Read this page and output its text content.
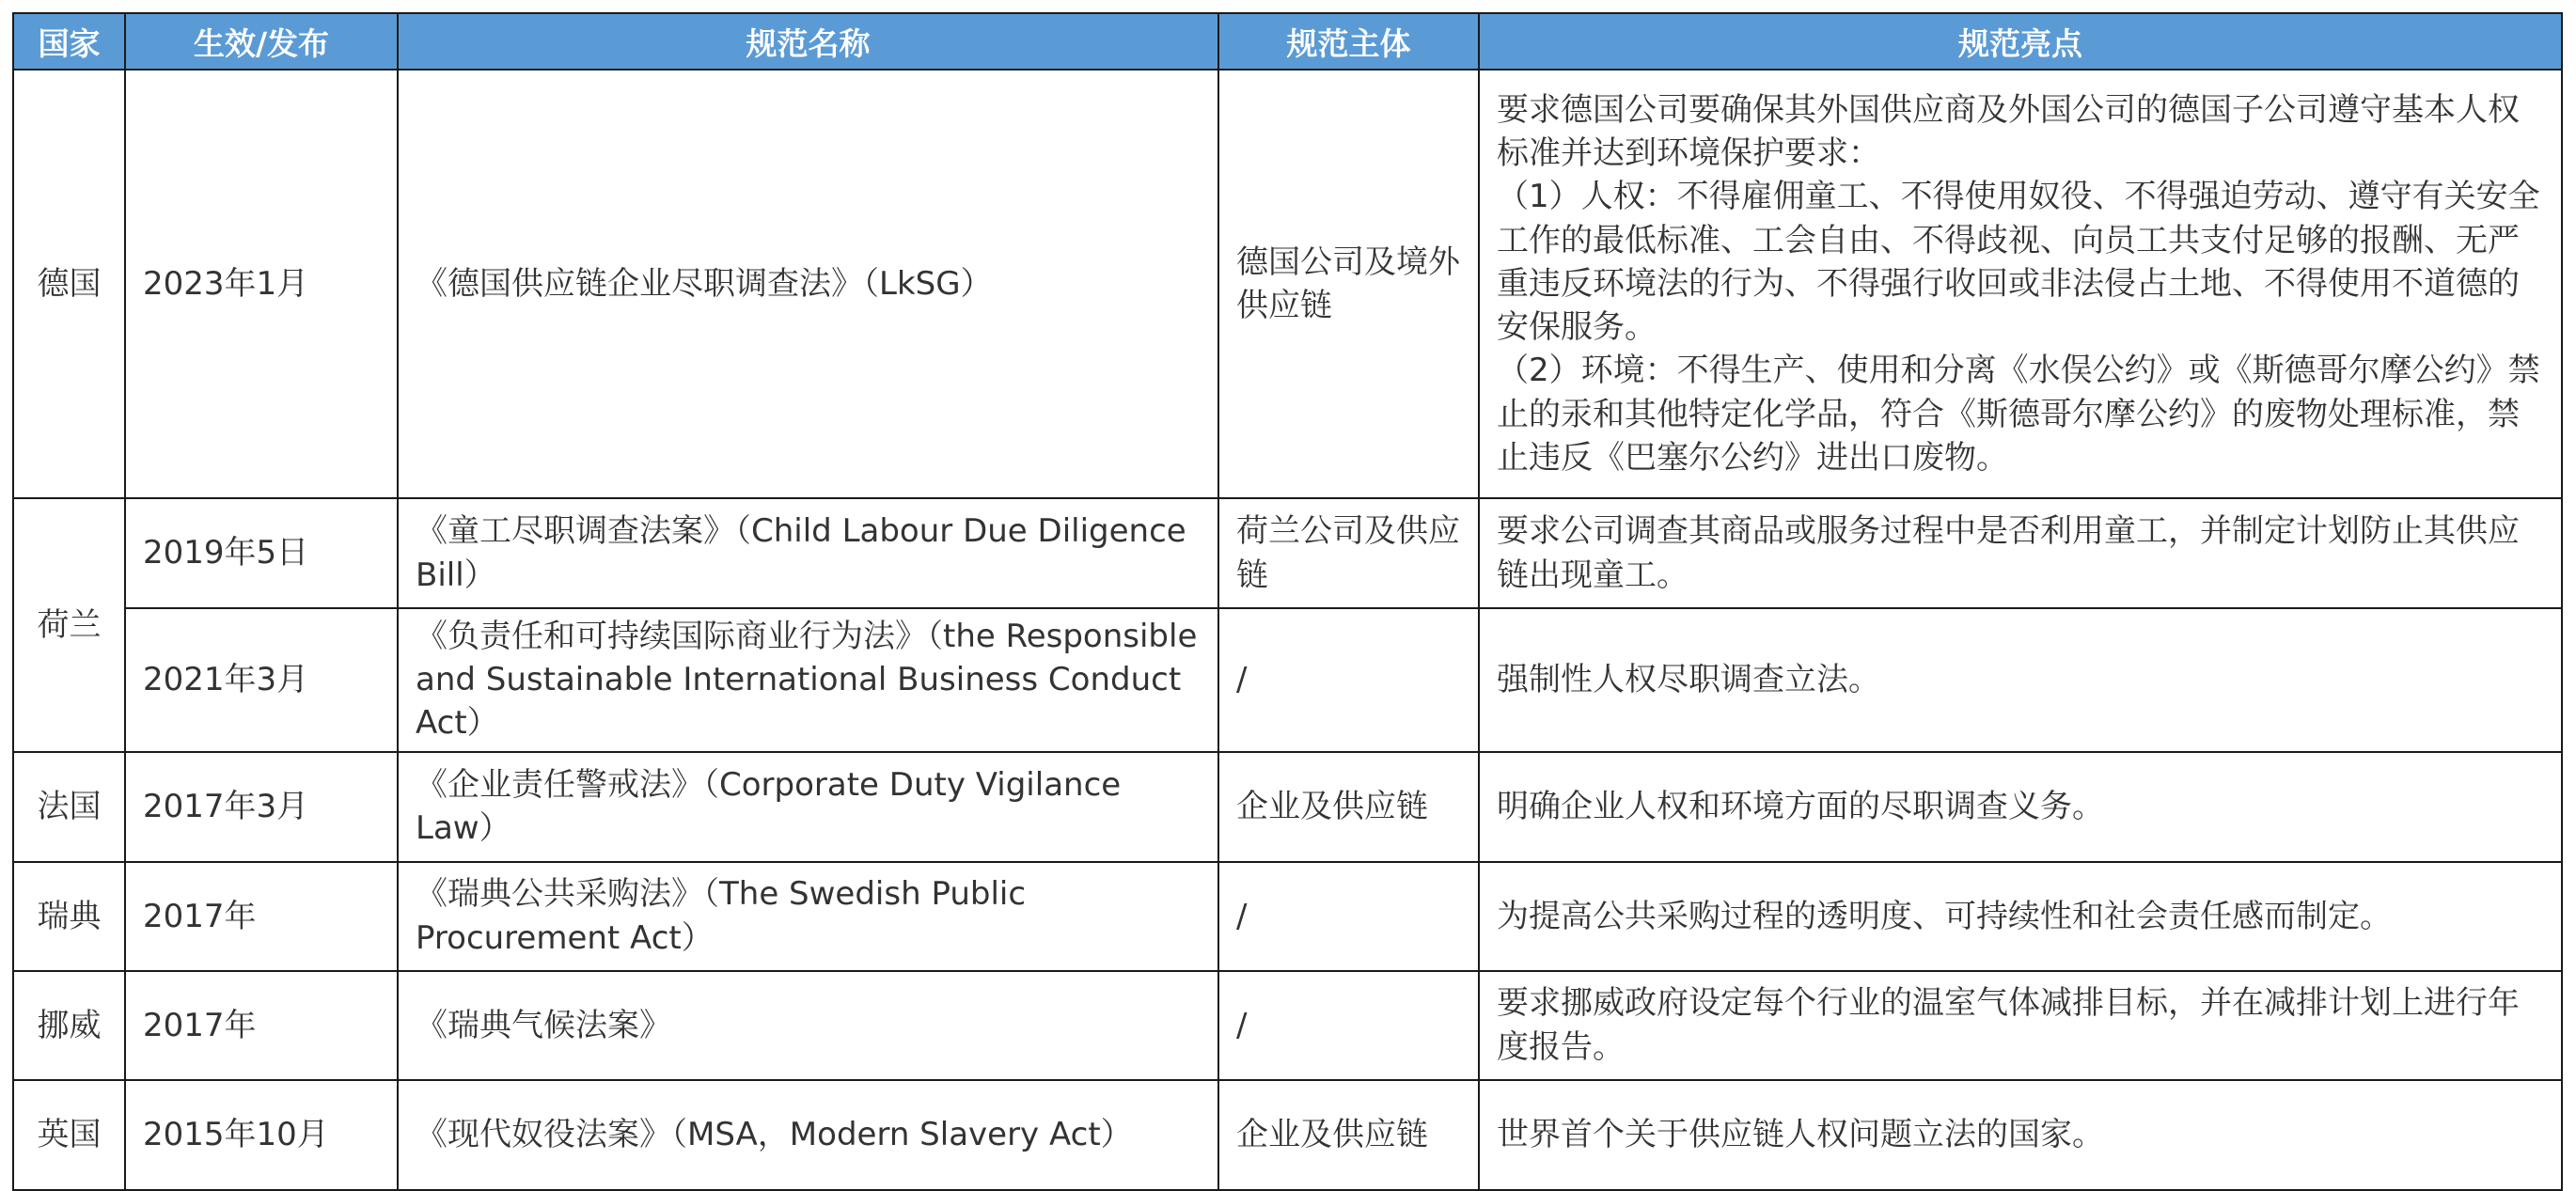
国家	生效/发布	规范名称	规范主体	规范亮点
德国	2023年1月	《德国供应链企业尽职调查法》（LkSG）	德国公司及境外供应链	要求德国公司要确保其外国供应商及外国公司的德国子公司遵守基本人权标准并达到环境保护要求：
（1）人权：不得雇佣童工、不得使用奴役、不得强迫劳动、遵守有关安全工作的最低标准、工会自由、不得歧视、向员工共支付足够的报酬、无严重违反环境法的行为、不得强行收回或非法侵占土地、不得使用不道德的安保服务。
（2）环境：不得生产、使用和分离《水俣公约》或《斯德哥尔摩公约》禁止的汞和其他特定化学品，符合《斯德哥尔摩公约》的废物处理标准，禁止违反《巴塞尔公约》进出口废物。

荷兰	2019年5日	《童工尽职调查法案》（Child Labour Due Diligence Bill）	荷兰公司及供应链	要求公司调查其商品或服务过程中是否利用童工，并制定计划防止其供应链出现童工。
	2021年3月	《负责任和可持续国际商业行为法》（the Responsible and Sustainable International Business Conduct Act）	/	强制性人权尽职调查立法。
法国	2017年3月	《企业责任警戒法》（Corporate Duty Vigilance Law）	企业及供应链	明确企业人权和环境方面的尽职调查义务。
瑞典	2017年	《瑞典公共采购法》（The Swedish Public Procurement Act）	/	为提高公共采购过程的透明度、可持续性和社会责任感而制定。
挪威	2017年	《瑞典气候法案》	/	要求挪威政府设定每个行业的温室气体减排目标，并在减排计划上进行年度报告。
英国	2015年10月	《现代奴役法案》（MSA，Modern Slavery Act）	企业及供应链	世界首个关于供应链人权问题立法的国家。
